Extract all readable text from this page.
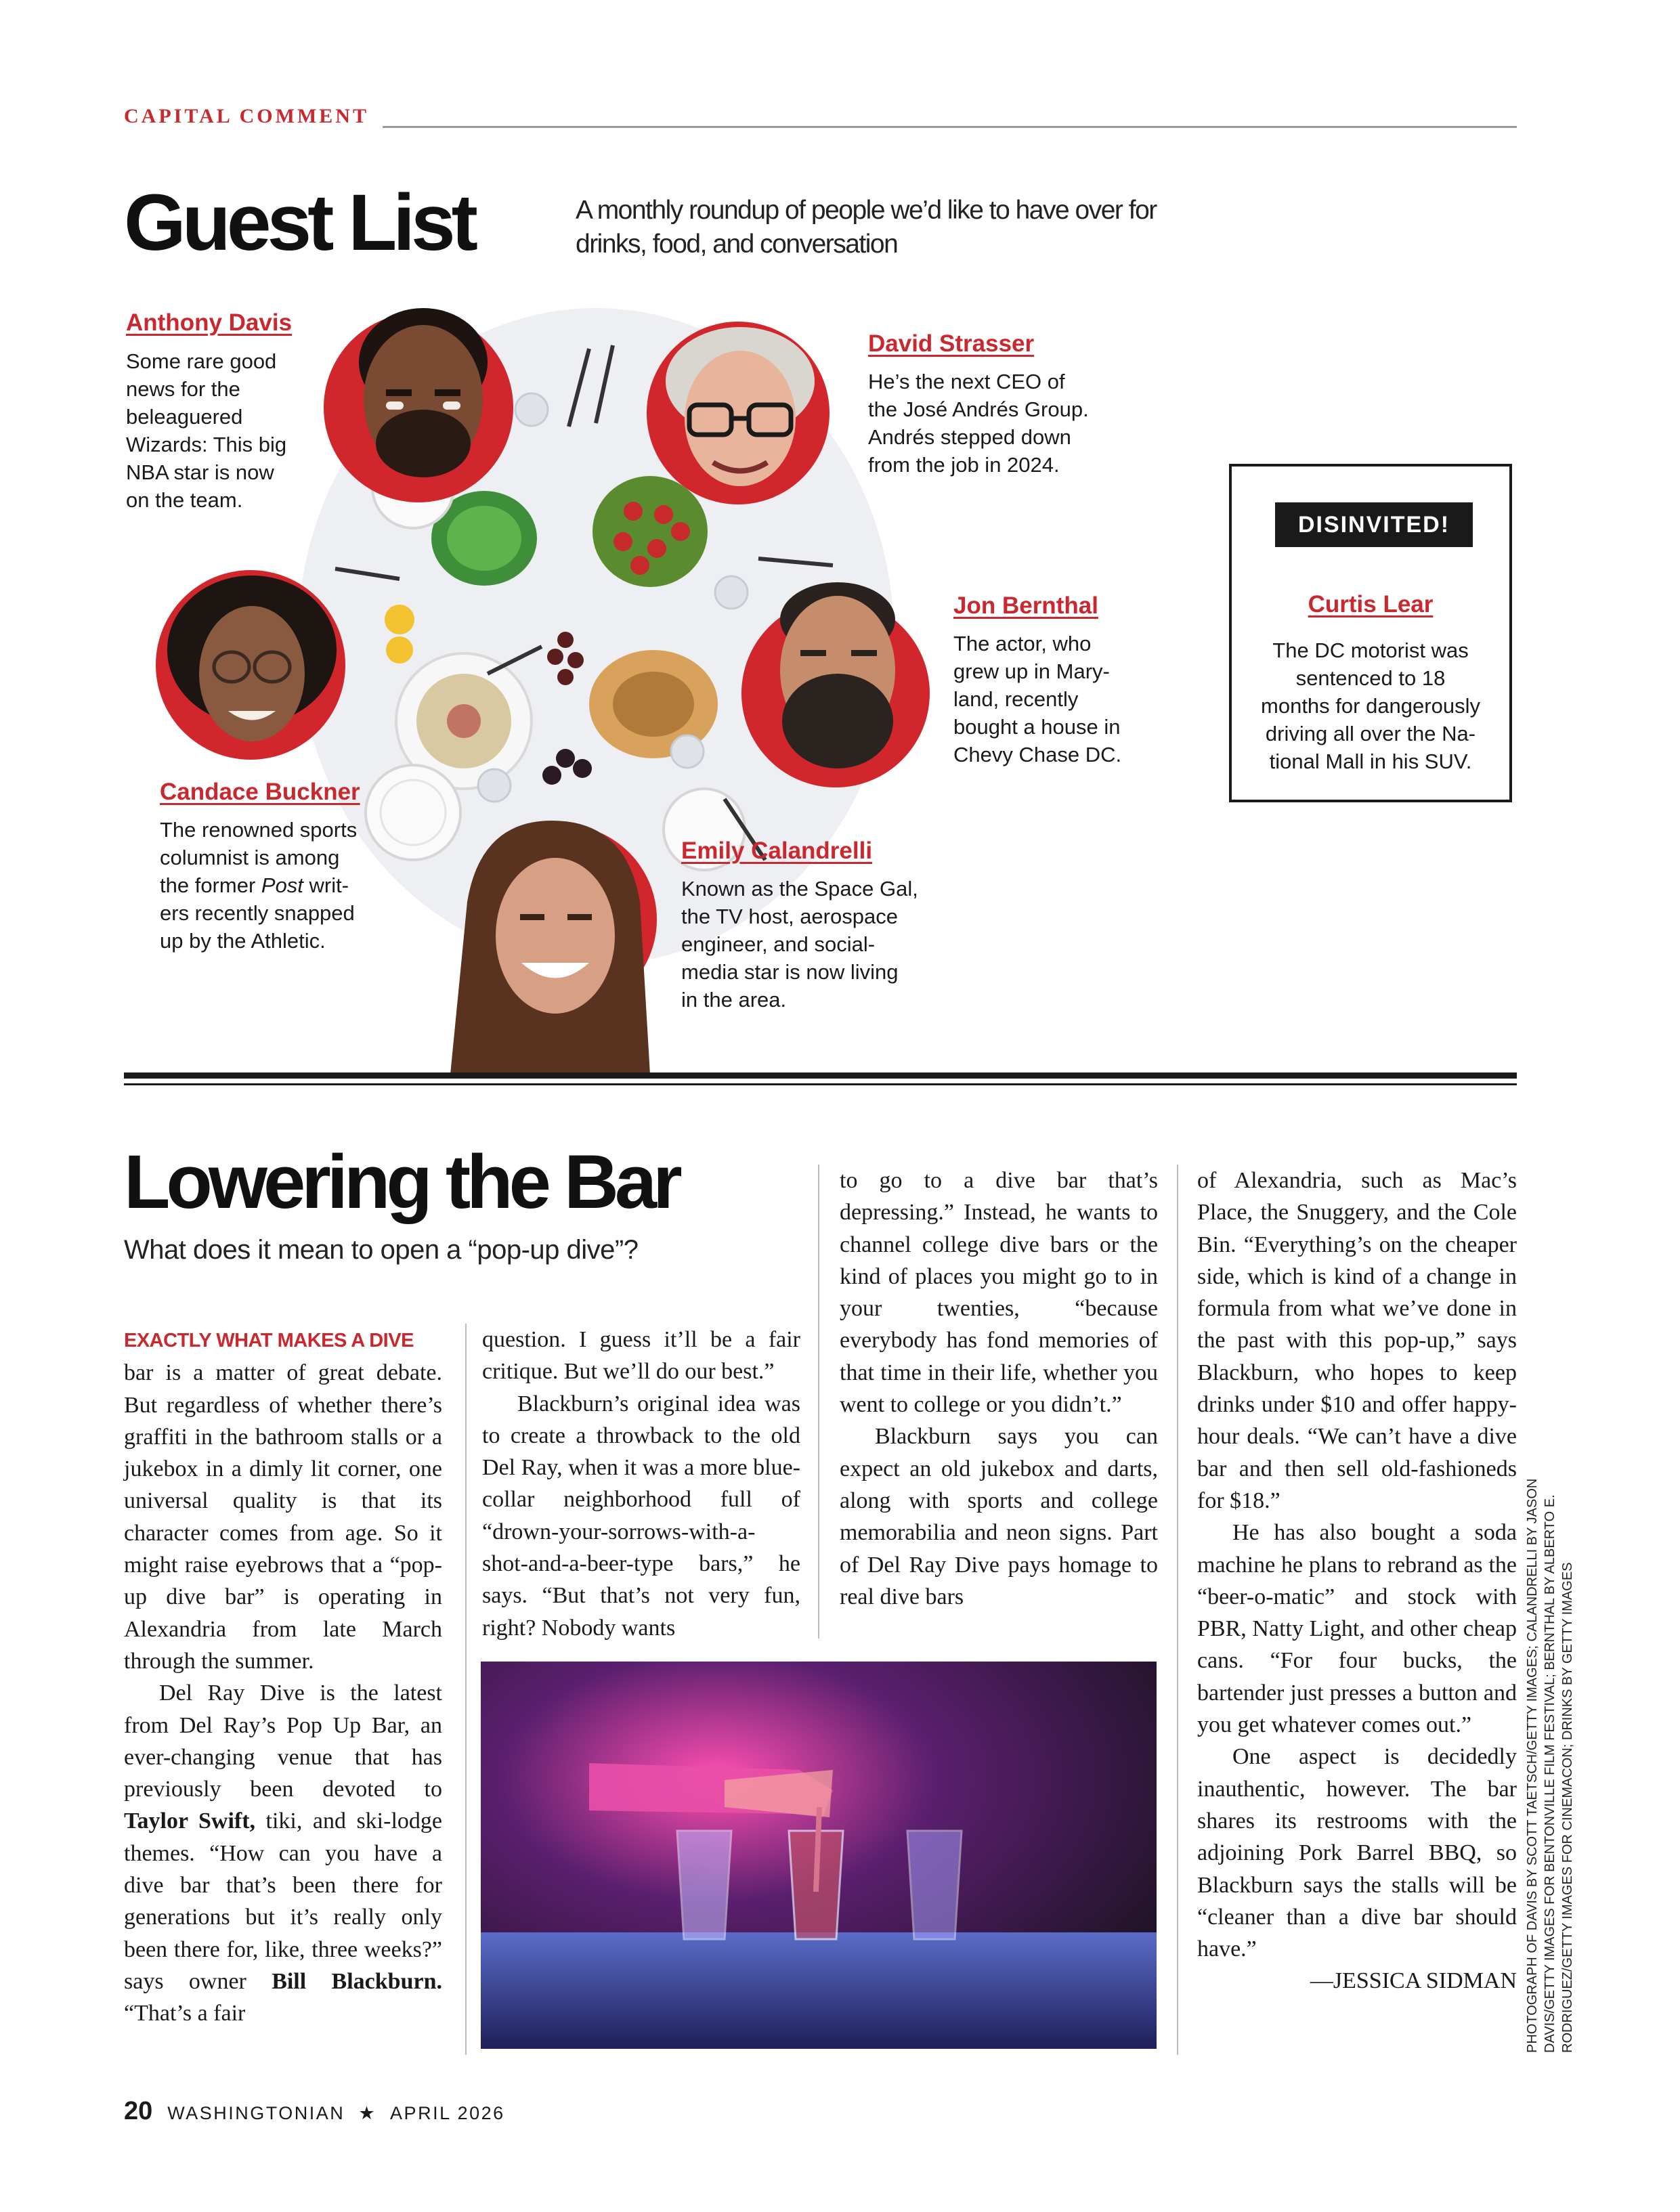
CAPITAL COMMENT
Guest List	A monthly roundup of people we’d like to have over for drinks, food, and conversation
Anthony Davis
Some rare good
news for the
beleaguered
Wizards: This big
NBA star is now
on the team.
David Strasser
He’s the next CEO of
the José Andrés Group.
Andrés stepped down
from the job in 2024.
Jon Bernthal
The actor, who
grew up in Mary-
land, recently
bought a house in
Chevy Chase DC.
Candace Buckner
The renowned sports
columnist is among
the former Post writ-
ers recently snapped
up by the Athletic.
Emily Calandrelli
Known as the Space Gal,
the TV host, aerospace
engineer, and social-
media star is now living
in the area.
DISINVITED!
Curtis Lear
The DC motorist was
sentenced to 18
months for dangerously
driving all over the Na-
tional Mall in his SUV.
Lowering the Bar
What does it mean to open a “pop-up dive”?

EXACTLY WHAT MAKES A DIVE
bar is a matter of great debate. But regardless of whether there’s graffiti in the bathroom stalls or a jukebox in a dimly lit corner, one universal quality is that its character comes from age. So it might raise eyebrows that a “pop-up dive bar” is operating in Alexandria from late March through the summer.

Del Ray Dive is the latest from Del Ray’s Pop Up Bar, an ever-changing venue that has previously been devoted to Taylor Swift, tiki, and ski-lodge themes. “How can you have a dive bar that’s been there for generations but it’s really only been there for, like, three weeks?” says owner Bill Blackburn. “That’s a fair

question. I guess it’ll be a fair critique. But we’ll do our best.”

Blackburn’s original idea was to create a throwback to the old Del Ray, when it was a more blue-collar neighborhood full of “drown-your-sorrows-with-a-shot-and-a-beer-type bars,” he says. “But that’s not very fun, right? Nobody wants

to go to a dive bar that’s depressing.” Instead, he wants to channel college dive bars or the kind of places you might go to in your twenties, “because everybody has fond memories of that time in their life, whether you went to college or you didn’t.”

Blackburn says you can expect an old jukebox and darts, along with sports and college memorabilia and neon signs. Part of Del Ray Dive pays homage to real dive bars

of Alexandria, such as Mac’s Place, the Snuggery, and the Cole Bin. “Everything’s on the cheaper side, which is kind of a change in formula from what we’ve done in the past with this pop-up,” says Blackburn, who hopes to keep drinks under $10 and offer happy-hour deals. “We can’t have a dive bar and then sell old-fashioneds for $18.”

He has also bought a soda machine he plans to rebrand as the “beer-o-matic” and stock with PBR, Natty Light, and other cheap cans. “For four bucks, the bartender just presses a button and you get whatever comes out.”

One aspect is decidedly inauthentic, however. The bar shares its restrooms with the adjoining Pork Barrel BBQ, so Blackburn says the stalls will be “cleaner than a dive bar should have.”

—JESSICA SIDMAN PHOTOGRAPH OF DAVIS BY SCOTT TAETSCH/GETTY IMAGES; CALANDRELLI BY JASON DAVIS/GETTY IMAGES FOR BENTONVILLE FILM FESTIVAL; BERNTHAL BY ALBERTO E. RODRIGUEZ/GETTY IMAGES FOR CINEMACON; DRINKS BY GETTY IMAGES
20 WASHINGTONIAN ★ APRIL 2026
